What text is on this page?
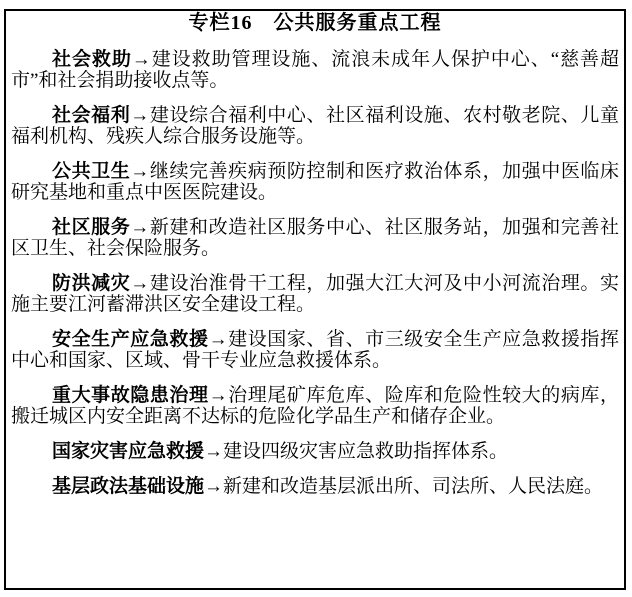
专栏16　公共服务重点工程

社会救助→建设救助管理设施、流浪未成年人保护中心、“慈善超市”和社会捐助接收点等。

社会福利→建设综合福利中心、社区福利设施、农村敬老院、儿童福利机构、残疾人综合服务设施等。

公共卫生→继续完善疾病预防控制和医疗救治体系，加强中医临床研究基地和重点中医医院建设。

社区服务→新建和改造社区服务中心、社区服务站，加强和完善社区卫生、社会保险服务。

防洪减灾→建设治淮骨干工程，加强大江大河及中小河流治理。实施主要江河蓄滞洪区安全建设工程。

安全生产应急救援→建设国家、省、市三级安全生产应急救援指挥中心和国家、区域、骨干专业应急救援体系。

重大事故隐患治理→治理尾矿库危库、险库和危险性较大的病库，搬迁城区内安全距离不达标的危险化学品生产和储存企业。

国家灾害应急救援→建设四级灾害应急救助指挥体系。

基层政法基础设施→新建和改造基层派出所、司法所、人民法庭。
